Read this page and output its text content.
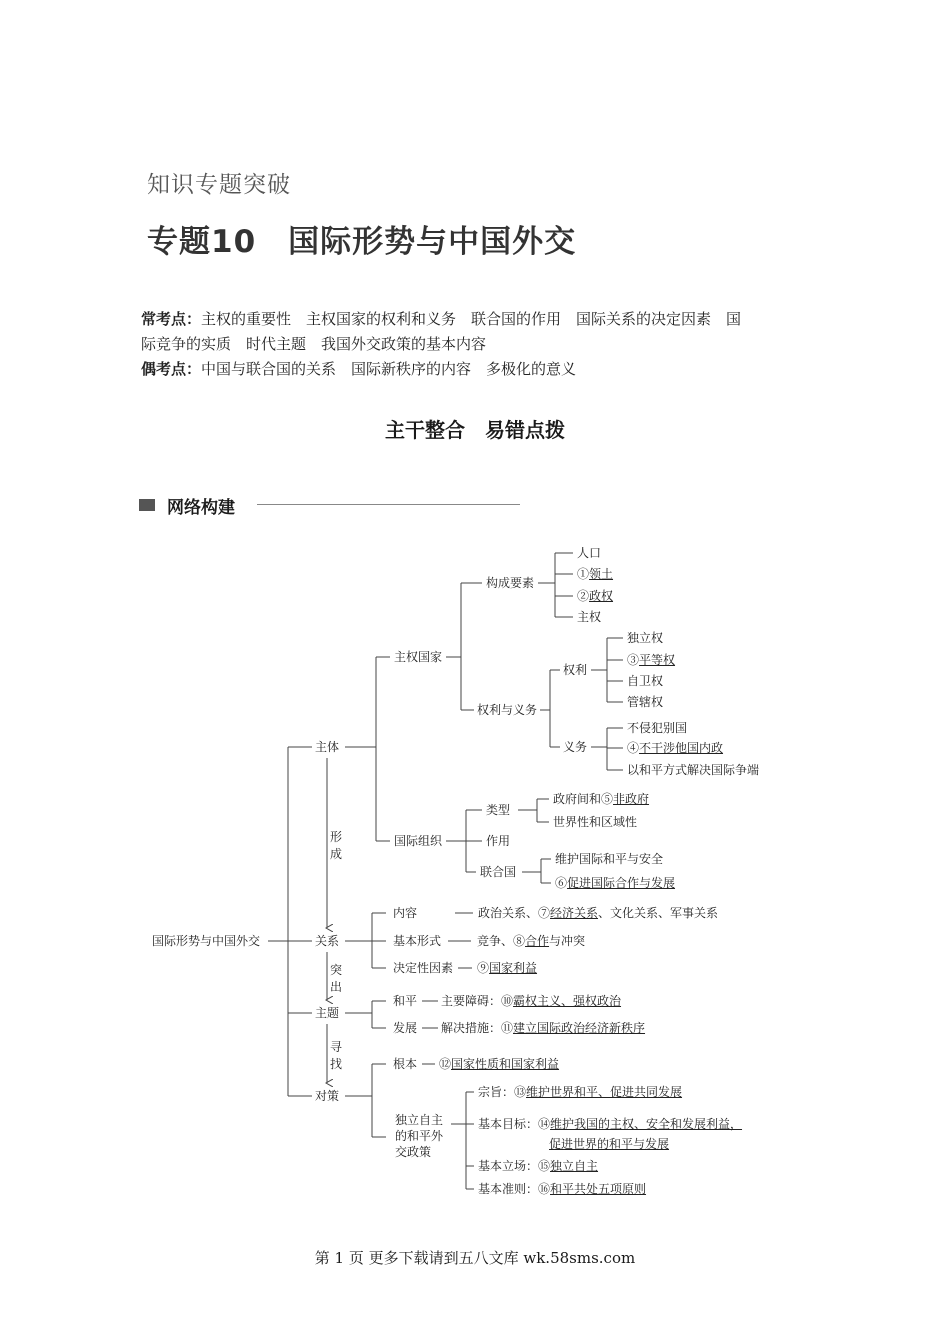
知识专题突破
专题10　国际形势与中国外交
常考点：主权的重要性　主权国家的权利和义务　联合国的作用　国际关系的决定因素　国
际竞争的实质　时代主题　我国外交政策的基本内容
偶考点：中国与联合国的关系　国际新秩序的内容　多极化的意义
主干整合　易错点拨
网络构建
国际形势与中国外交
主体
关系
主题
对策
形成
突出
寻找
主权国家
构成要素
人口
①领土
②政权
主权
权利与义务
权利
独立权
③平等权
自卫权
管辖权
义务
不侵犯别国
④不干涉他国内政
以和平方式解决国际争端
国际组织
类型
政府间和⑤非政府
世界性和区域性
作用
联合国
维护国际和平与安全
⑥促进国际合作与发展
内容	政治关系、⑦经济关系、文化关系、军事关系
基本形式	竞争、⑧合作与冲突
决定性因素 ⑨国家利益
和平 主要障碍：⑩霸权主义、强权政治
发展 解决措施：⑪建立国际政治经济新秩序
根本 ⑫国家性质和国家利益
独立自主
的和平外
交政策
宗旨：⑬维护世界和平、促进共同发展
基本目标：⑭维护我国的主权、安全和发展利益，
促进世界的和平与发展
基本立场：⑮独立自主
基本准则：⑯和平共处五项原则
第 1 页 更多下载请到五八文库 wk.58sms.com
